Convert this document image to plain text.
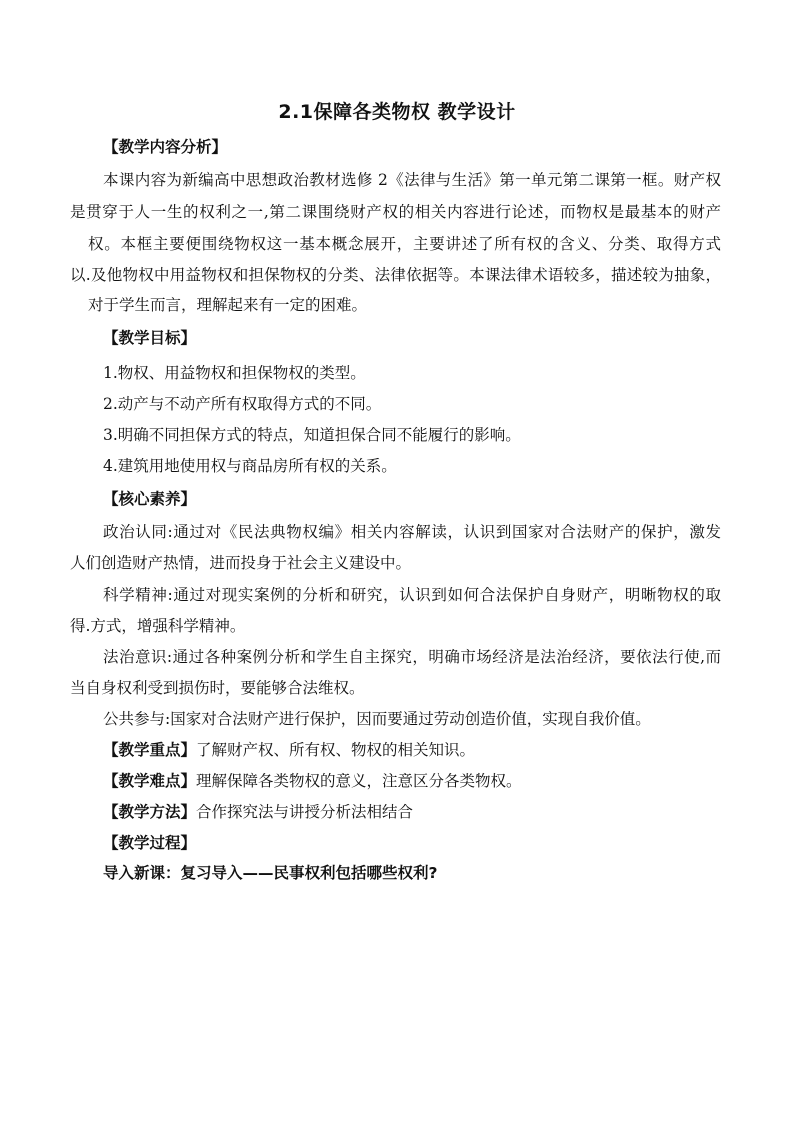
2.1保障各类物权 教学设计
【教学内容分析】
本课内容为新编高中思想政治教材选修 2《法律与生活》第一单元第二课第一框。财产权
是贯穿于人一生的权利之一,第二课围绕财产权的相关内容进行论述，而物权是最基本的财产
权。本框主要便围绕物权这一基本概念展开，主要讲述了所有权的含义、分类、取得方式
以.及他物权中用益物权和担保物权的分类、法律依据等。本课法律术语较多，描述较为抽象，
对于学生而言，理解起来有一定的困难。
【教学目标】
1.物权、用益物权和担保物权的类型。
2.动产与不动产所有权取得方式的不同。
3.明确不同担保方式的特点，知道担保合同不能履行的影响。
4.建筑用地使用权与商品房所有权的关系。
【核心素养】
政治认同:通过对《民法典物权编》相关内容解读，认识到国家对合法财产的保护，激发
人们创造财产热情，进而投身于社会主义建设中。
科学精神:通过对现实案例的分析和研究，认识到如何合法保护自身财产，明晰物权的取
得.方式，增强科学精神。
法治意识:通过各种案例分析和学生自主探究，明确市场经济是法治经济，要依法行使,而
当自身权利受到损伤时，要能够合法维权。
公共参与:国家对合法财产进行保护，因而要通过劳动创造价值，实现自我价值。
【教学重点】了解财产权、所有权、物权的相关知识。
【教学难点】理解保障各类物权的意义，注意区分各类物权。
【教学方法】合作探究法与讲授分析法相结合
【教学过程】
导入新课：复习导入——民事权利包括哪些权利?
